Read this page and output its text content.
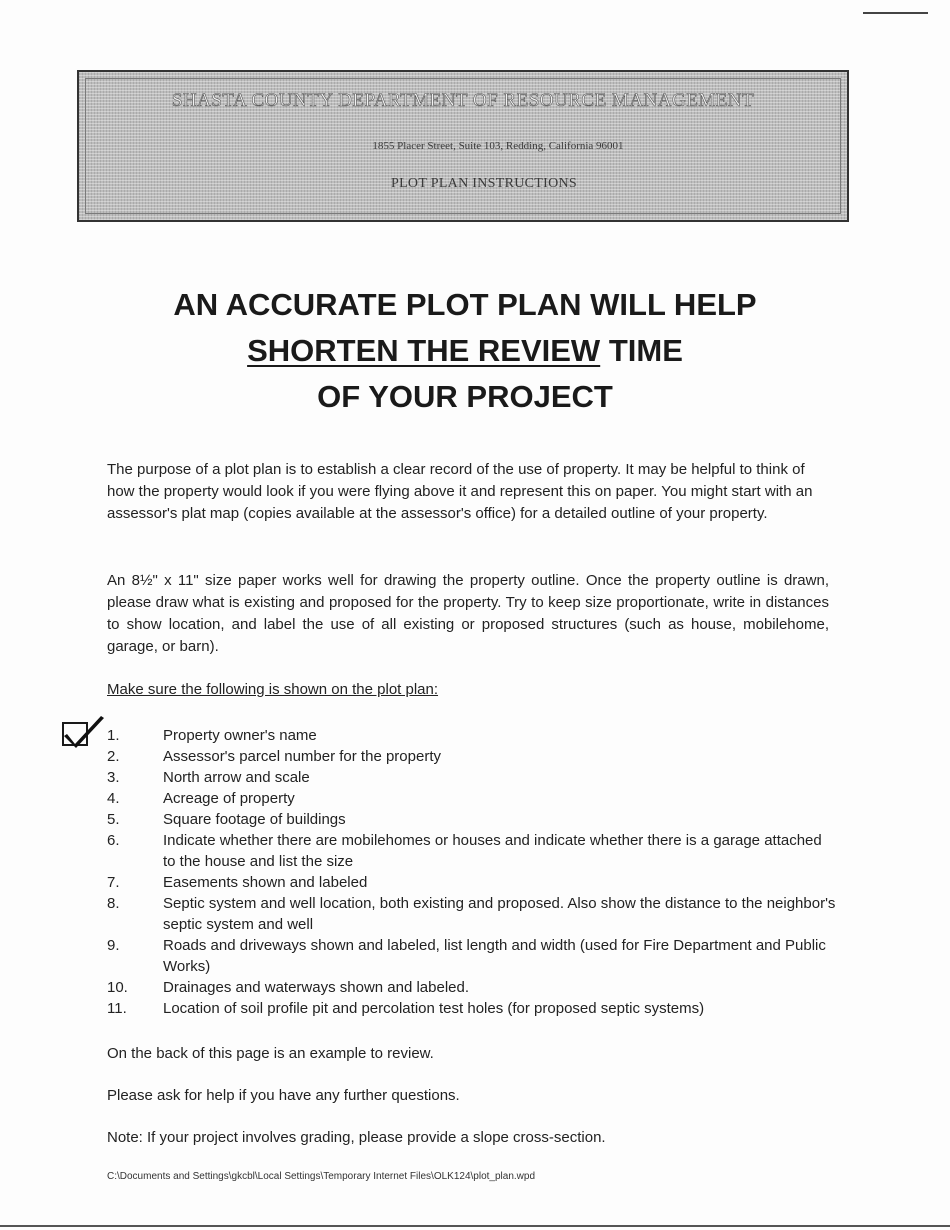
SHASTA COUNTY DEPARTMENT OF RESOURCE MANAGEMENT
1855 Placer Street, Suite 103, Redding, California 96001
PLOT PLAN INSTRUCTIONS
AN ACCURATE PLOT PLAN WILL HELP
SHORTEN THE REVIEW TIME
OF YOUR PROJECT
The purpose of a plot plan is to establish a clear record of the use of property. It may be helpful to think of how the property would look if you were flying above it and represent this on paper. You might start with an assessor's plat map (copies available at the assessor's office) for a detailed outline of your property.
An 8½" x 11" size paper works well for drawing the property outline. Once the property outline is drawn, please draw what is existing and proposed for the property. Try to keep size proportionate, write in distances to show location, and label the use of all existing or proposed structures (such as house, mobilehome, garage, or barn).
Make sure the following is shown on the plot plan:
1.	Property owner's name
2.	Assessor's parcel number for the property
3.	North arrow and scale
4.	Acreage of property
5.	Square footage of buildings
6.	Indicate whether there are mobilehomes or houses and indicate whether there is a garage attached to the house and list the size
7.	Easements shown and labeled
8.	Septic system and well location, both existing and proposed. Also show the distance to the neighbor's septic system and well
9.	Roads and driveways shown and labeled, list length and width (used for Fire Department and Public Works)
10.	Drainages and waterways shown and labeled.
11.	Location of soil profile pit and percolation test holes (for proposed septic systems)
On the back of this page is an example to review.
Please ask for help if you have any further questions.
Note: If your project involves grading, please provide a slope cross-section.
C:\Documents and Settings\gkcbl\Local Settings\Temporary Internet Files\OLK124\plot_plan.wpd
